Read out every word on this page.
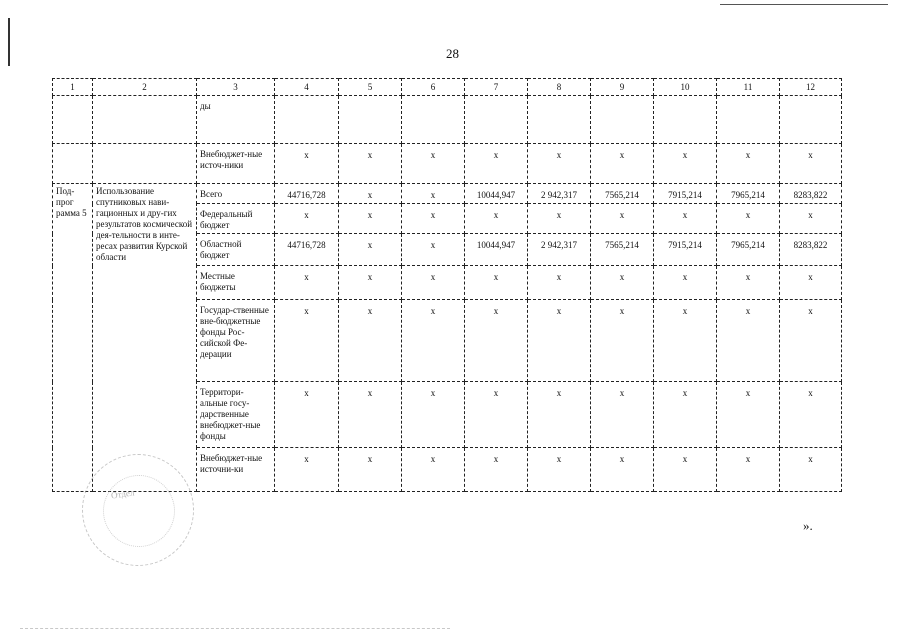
28
1	2	3	4	5	6	7	8	9	10	11	12
		ды									
		Внебюджет-ные источ-ники	x	x	x	x	x	x	x	x	x
Под-прог рамма 5	Использование спутниковых нави-гационных и дру-гих результатов космической дея-тельности в инте-ресах развития Курской области	Всего	44716,728	x	x	10044,947	2 942,317	7565,214	7915,214	7965,214	8283,822
		Федеральный бюджет	x	x	x	x	x	x	x	x	x
		Областной бюджет	44716,728	x	x	10044,947	2 942,317	7565,214	7915,214	7965,214	8283,822
		Местные бюджеты	x	x	x	x	x	x	x	x	x
		Государ-ственные вне-бюджетные фонды Рос-сийской Фе-дерации	x	x	x	x	x	x	x	x	x
		Территори-альные госу-дарственные внебюджет-ные фонды	x	x	x	x	x	x	x	x	x
		Внебюджет-ные источни-ки	x	x	x	x	x	x	x	x	x
Отдел
».
